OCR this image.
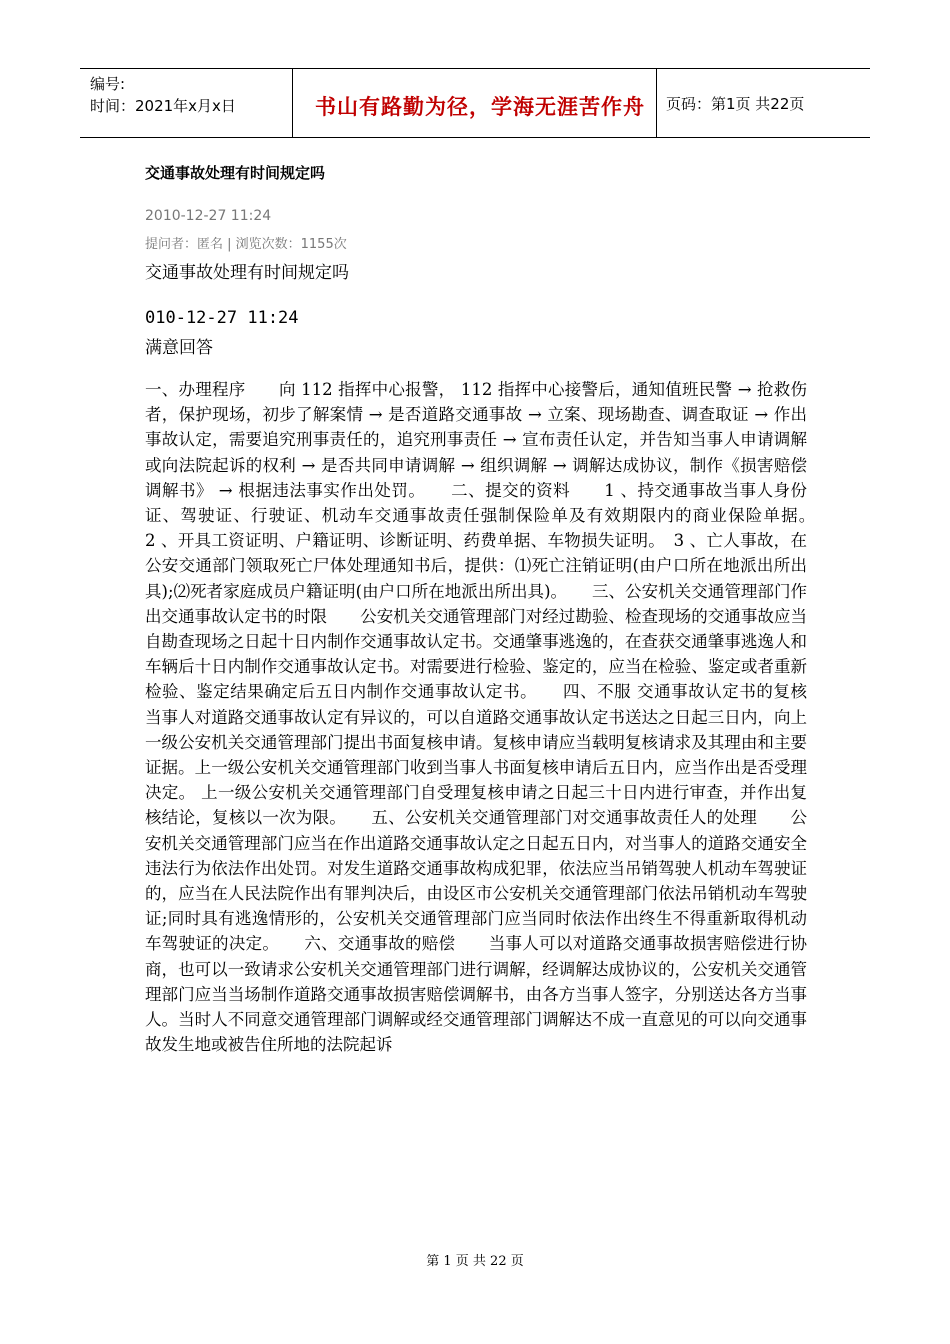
编号:
时间：2021年x月x日	书山有路勤为径，学海无涯苦作舟	页码：第1页 共22页
交通事故处理有时间规定吗
2010-12-27 11:24
提问者：匿名 | 浏览次数：1155次
交通事故处理有时间规定吗
010-12-27 11:24
满意回答
一、办理程序　　向 112 指挥中心报警， 112 指挥中心接警后，通知值班民警 → 抢救伤者，保护现场，初步了解案情 → 是否道路交通事故 → 立案、现场勘查、调查取证 → 作出事故认定，需要追究刑事责任的，追究刑事责任 → 宣布责任认定，并告知当事人申请调解或向法院起诉的权利 → 是否共同申请调解 → 组织调解 → 调解达成协议，制作《损害赔偿调解书》 → 根据违法事实作出处罚。　　二、提交的资料　　1 、持交通事故当事人身份证、驾驶证、行驶证、机动车交通事故责任强制保险单及有效期限内的商业保险单据。　　2 、开具工资证明、户籍证明、诊断证明、药费单据、车物损失证明。　3 、亡人事故，在公安交通部门领取死亡尸体处理通知书后，提供：⑴死亡注销证明(由户口所在地派出所出具);⑵死者家庭成员户籍证明(由户口所在地派出所出具)。　　三、公安机关交通管理部门作出交通事故认定书的时限　　公安机关交通管理部门对经过勘验、检查现场的交通事故应当自勘查现场之日起十日内制作交通事故认定书。交通肇事逃逸的，在查获交通肇事逃逸人和车辆后十日内制作交通事故认定书。对需要进行检验、鉴定的，应当在检验、鉴定或者重新检验、鉴定结果确定后五日内制作交通事故认定书。　　四、不服 交通事故认定书的复核　　当事人对道路交通事故认定有异议的，可以自道路交通事故认定书送达之日起三日内，向上一级公安机关交通管理部门提出书面复核申请。复核申请应当载明复核请求及其理由和主要证据。上一级公安机关交通管理部门收到当事人书面复核申请后五日内，应当作出是否受理决定。 上一级公安机关交通管理部门自受理复核申请之日起三十日内进行审查，并作出复核结论，复核以一次为限。　　五、公安机关交通管理部门对交通事故责任人的处理　　公安机关交通管理部门应当在作出道路交通事故认定之日起五日内，对当事人的道路交通安全违法行为依法作出处罚。对发生道路交通事故构成犯罪，依法应当吊销驾驶人机动车驾驶证的，应当在人民法院作出有罪判决后，由设区市公安机关交通管理部门依法吊销机动车驾驶证;同时具有逃逸情形的，公安机关交通管理部门应当同时依法作出终生不得重新取得机动车驾驶证的决定。　　六、交通事故的赔偿　　当事人可以对道路交通事故损害赔偿进行协商，也可以一致请求公安机关交通管理部门进行调解，经调解达成协议的，公安机关交通管理部门应当当场制作道路交通事故损害赔偿调解书，由各方当事人签字，分别送达各方当事人。当时人不同意交通管理部门调解或经交通管理部门调解达不成一直意见的可以向交通事故发生地或被告住所地的法院起诉
第 1 页 共 22 页
